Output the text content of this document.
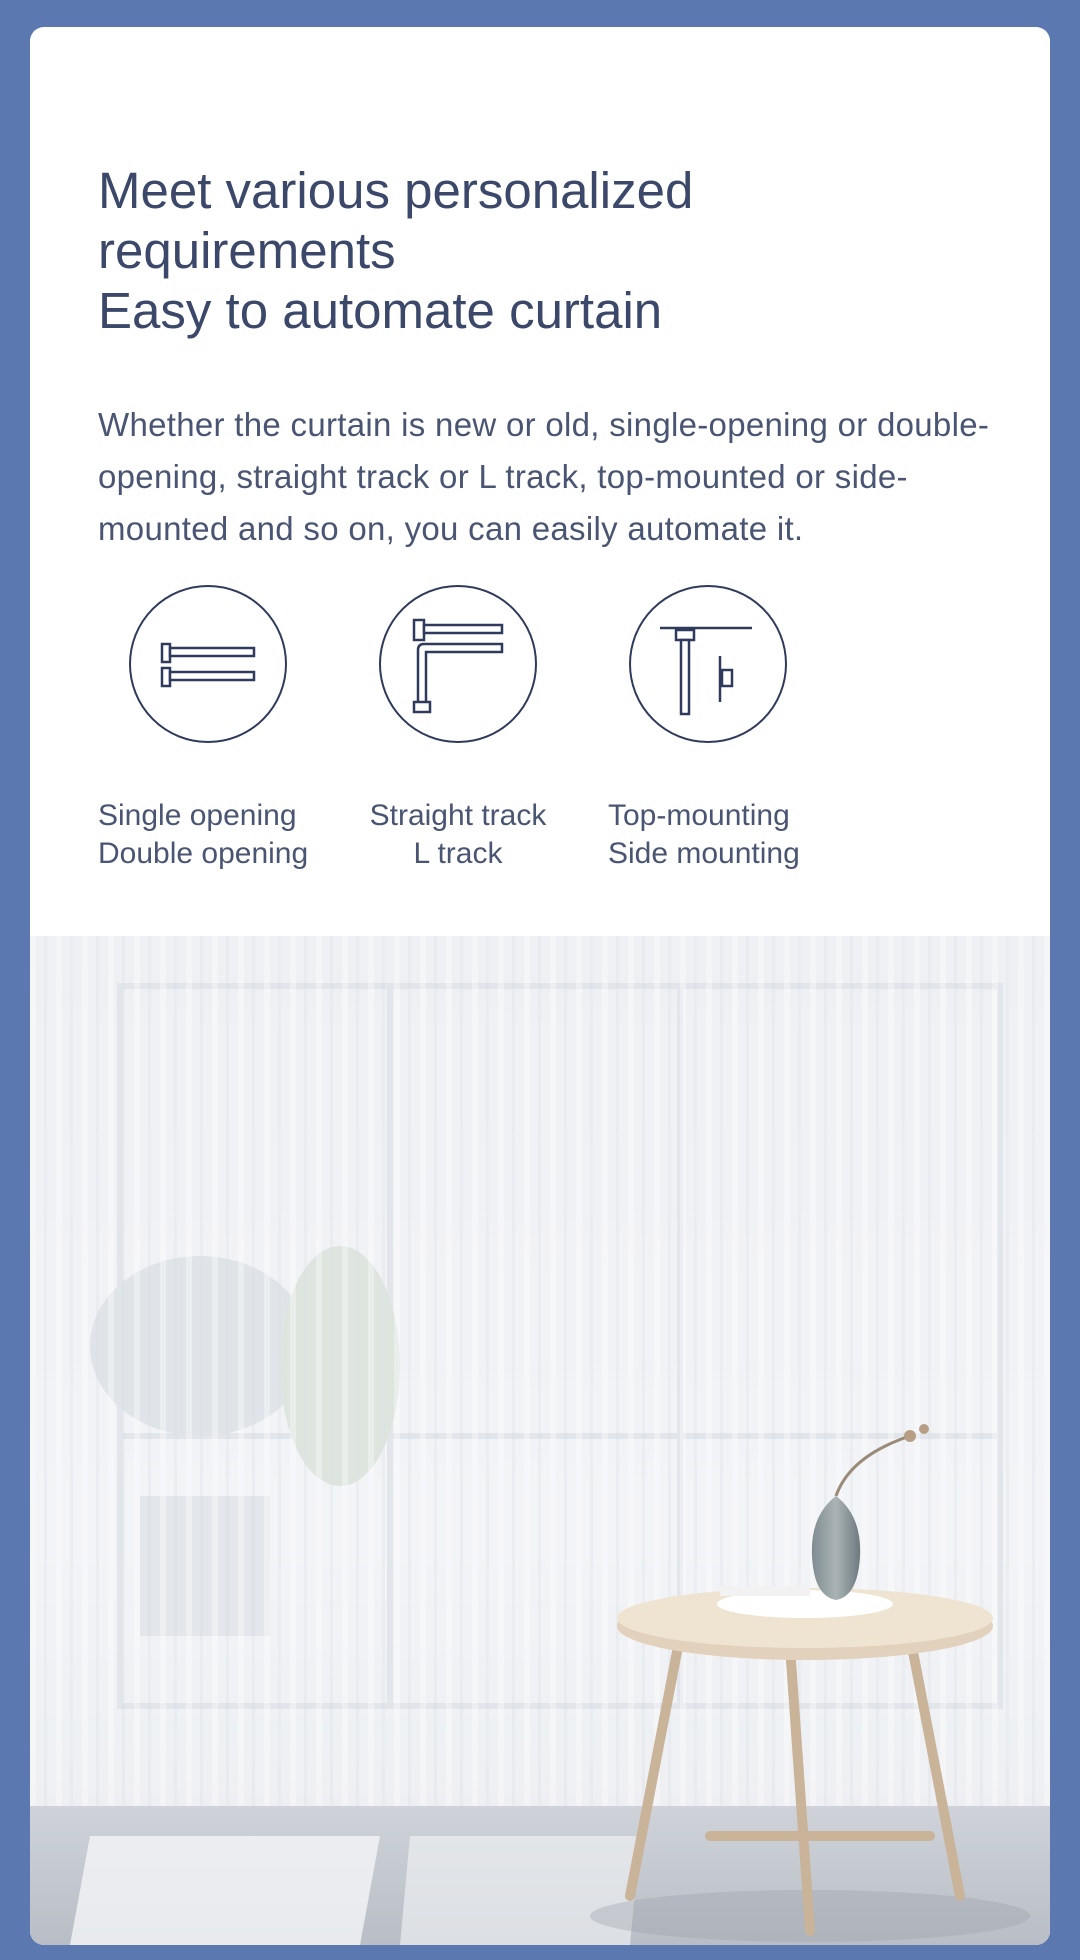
Meet various personalized
requirements
Easy to automate curtain

Whether the curtain is new or old, single-opening or double-opening, straight track or L track, top-mounted or side-mounted and so on, you can easily automate it.

Single opening
Double opening
Straight track
L track
Top-mounting
Side mounting
